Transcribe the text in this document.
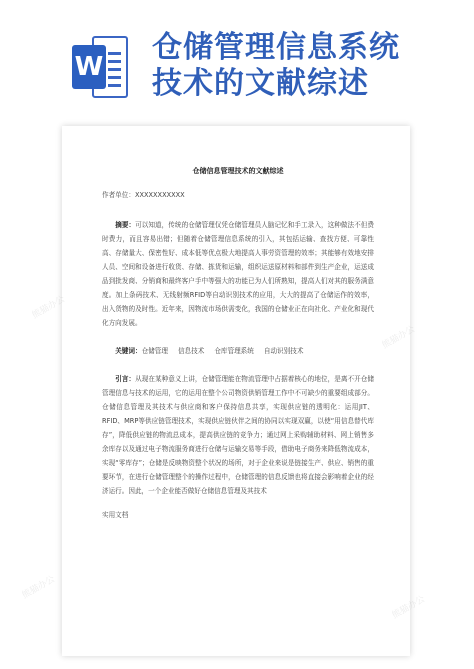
W
仓储管理信息系统
技术的文献综述
仓储信息管理技术的文献综述
作者单位：XXXXXXXXXXX

摘要：可以知道，传统的仓储管理仅凭仓储管理员人脑记忆和手工录入，这种做法不但费时费力，而且容易出错；但随着仓储管理信息系统的引入，其包括运输、查找方便、可靠性高、存储量大、保密性好、成本低等优点极大地提高人事劳资管理的效率；其能够有效地安排人员、空间和设备进行收货、存储、拣货和运输，组织运送原材料和部件到生产企业，运送成品到批发商、分销商和最终客户手中等强大的功能已为人们所熟知，提高人们对其的服务满意度。加上条码技术、无线射频RFID等自动识别技术的应用，大大的提高了仓储运作的效率，出入货物的及时性。近年来，因物流市场供需变化，我国的仓储业正在向社化、产业化和现代化方向发展。

关键词：仓储管理 信息技术 仓库管理系统 自动识别技术

引言：从现在某种意义上讲，仓储管理能在物流管理中占据着核心的地位，是离不开仓储管理信息与技术的运用，它的运用在整个公司物资供销管理工作中不可缺少的重要组成部分。仓储信息管理及其技术与供应商和客户保持信息共享，实现供应链的透明化：运用JIT、RFID、MRP等供应链管理技术，实现供应链伙伴之间的协同以实现双赢，以使“用信息替代库存”，降低供应链的物流总成本，提高供应链的竞争力；通过网上采购辅助材料、网上销售多余库存以及通过电子物流服务商进行仓储与运输交易等手段，借助电子商务来降低物流成本，实现“零库存”；仓储是反映物资整个状况的场所，对于企业来说是链接生产、供应、销售的重要环节，在进行仓储管理整个的操作过程中，仓储管理的信息反馈也将直接会影响着企业的经济运行。因此，一个企业能否做好仓储信息管理及其技术

实用文档
熊猫办公
熊猫办公
